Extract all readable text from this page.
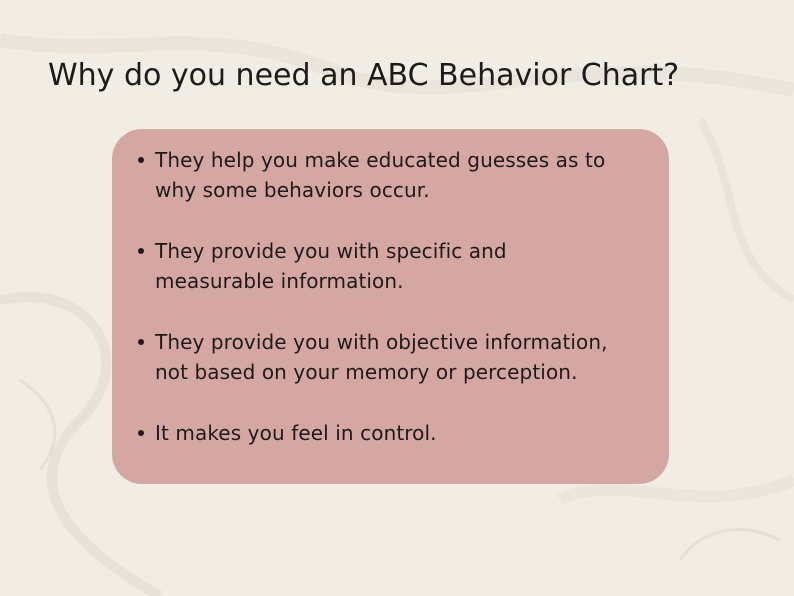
Why do you need an ABC Behavior Chart?
They help you make educated guesses as to
why some behaviors occur.
They provide you with specific and
measurable information.
They provide you with objective information,
not based on your memory or perception.
It makes you feel in control.
